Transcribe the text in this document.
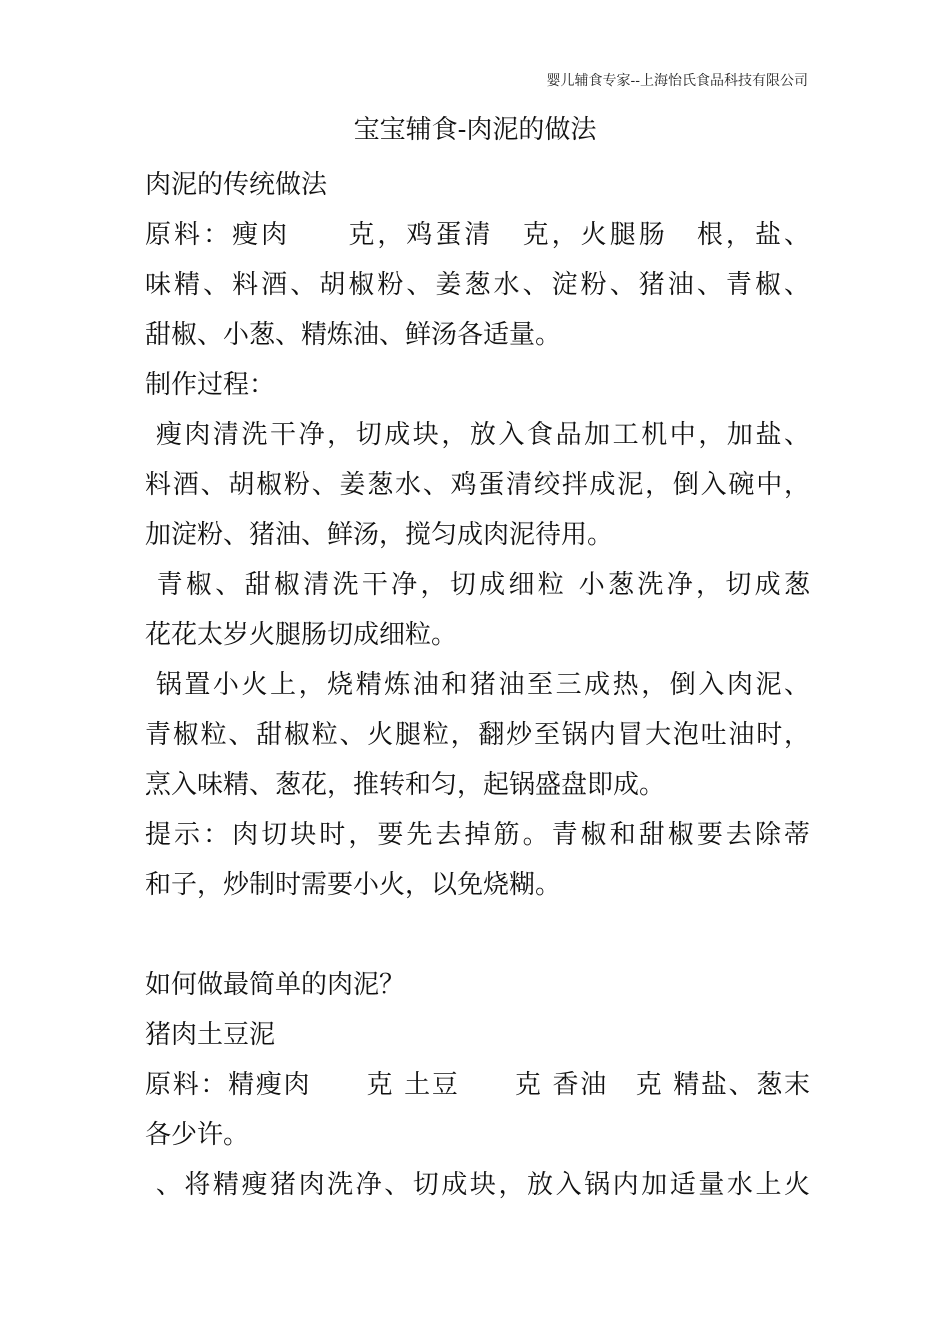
婴儿辅食专家--上海怡氏食品科技有限公司
宝宝辅食-肉泥的做法
肉泥的传统做法
原料：瘦肉　　克，鸡蛋清　克，火腿肠　根，盐、
味精、料酒、胡椒粉、姜葱水、淀粉、猪油、青椒、
甜椒、小葱、精炼油、鲜汤各适量。
制作过程：
瘦肉清洗干净，切成块，放入食品加工机中，加盐、
料酒、胡椒粉、姜葱水、鸡蛋清绞拌成泥，倒入碗中，
加淀粉、猪油、鲜汤，搅匀成肉泥待用。
青椒、甜椒清洗干净，切成细粒 小葱洗净，切成葱
花花太岁火腿肠切成细粒。
锅置小火上，烧精炼油和猪油至三成热，倒入肉泥、
青椒粒、甜椒粒、火腿粒，翻炒至锅内冒大泡吐油时，
烹入味精、葱花，推转和匀，起锅盛盘即成。
提示：肉切块时，要先去掉筋。青椒和甜椒要去除蒂
和子，炒制时需要小火，以免烧糊。
如何做最简单的肉泥？
猪肉土豆泥
原料：精瘦肉　　克 土豆　　克 香油　克 精盐、葱末
各少许。
、将精瘦猪肉洗净、切成块，放入锅内加适量水上火
